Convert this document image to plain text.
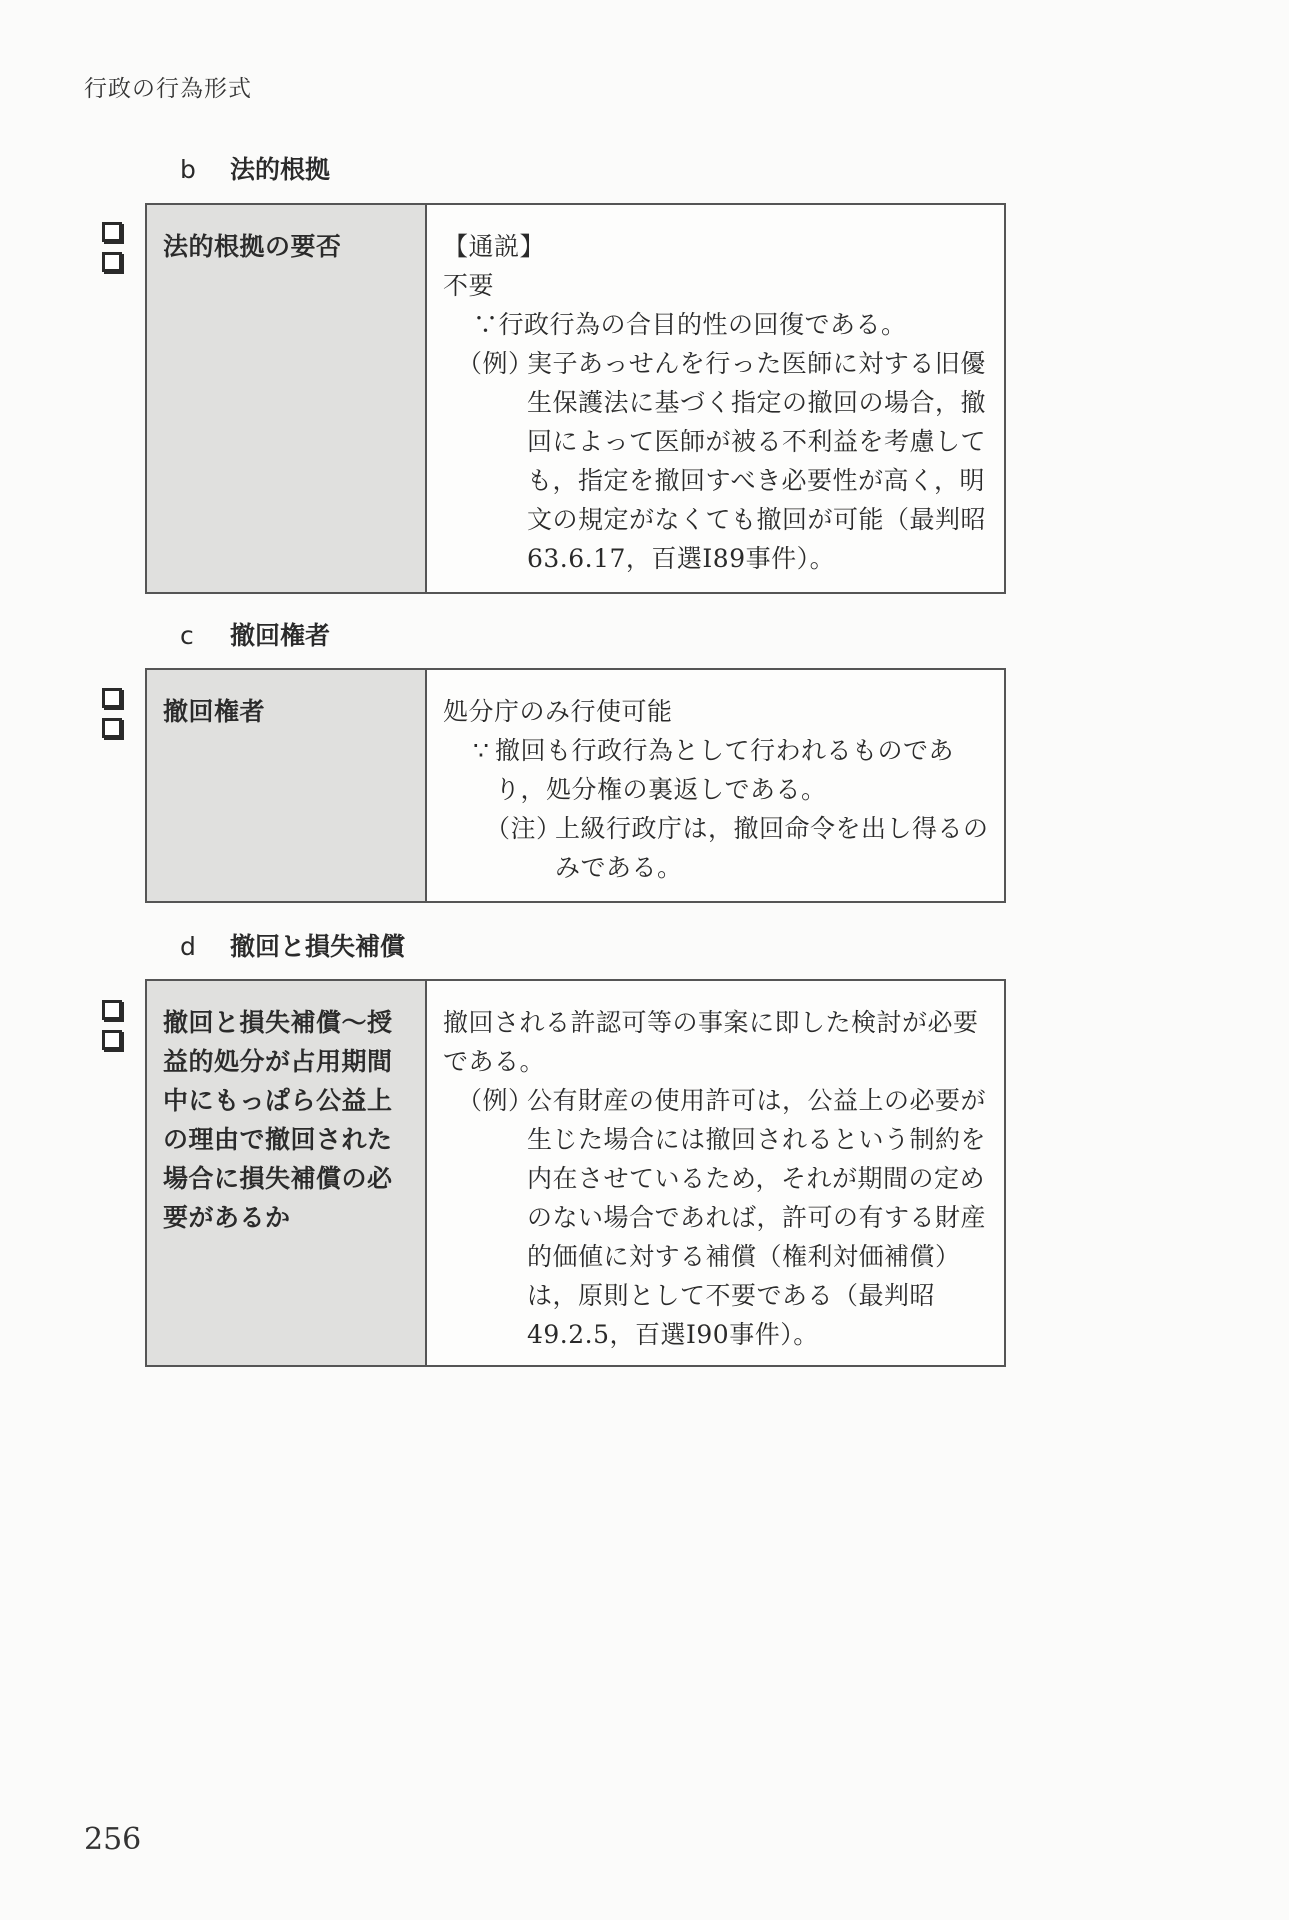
行政の行為形式
b 法的根拠
法的根拠の要否	【通説】
不要
∵行政行為の合目的性の回復である。
（例）
実子あっせんを行った医師に対する旧優生保護法に基づく指定の撤回の場合，撤回によって医師が被る不利益を考慮しても，指定を撤回すべき必要性が高く，明文の規定がなくても撤回が可能（最判昭63.6.17，百選Ⅰ89事件）。
c 撤回権者
撤回権者	処分庁のみ行使可能
∵ 撤回も行政行為として行われるものであり，処分権の裏返しである。
（注）
上級行政庁は，撤回命令を出し得るのみである。
d 撤回と損失補償
撤回と損失補償～授益的処分が占用期間中にもっぱら公益上の理由で撤回された場合に損失補償の必要があるか
撤回される許認可等の事案に即した検討が必要である。
（例）
公有財産の使用許可は，公益上の必要が生じた場合には撤回されるという制約を内在させているため，それが期間の定めのない場合であれば，許可の有する財産的価値に対する補償（権利対価補償）は，原則として不要である（最判昭49.2.5，百選Ⅰ90事件）。
256
